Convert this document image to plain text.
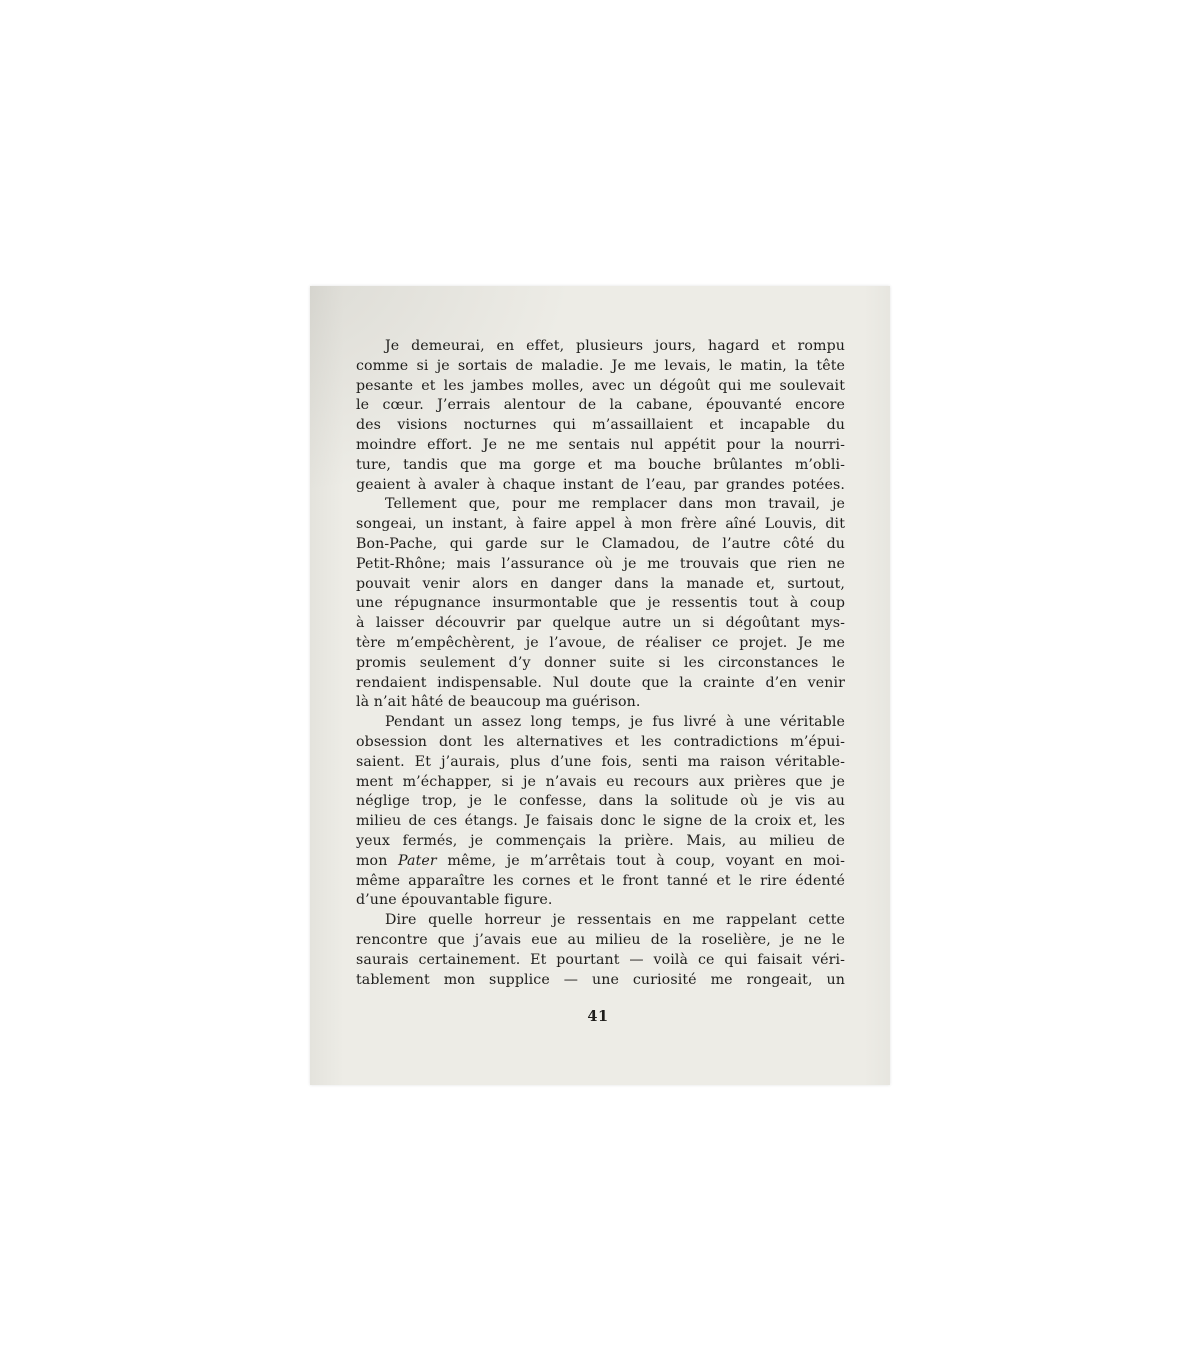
Je demeurai, en effet, plusieurs jours, hagard et rompu
comme si je sortais de maladie. Je me levais, le matin, la tête
pesante et les jambes molles, avec un dégoût qui me soulevait
le cœur. J’errais alentour de la cabane, épouvanté encore
des visions nocturnes qui m’assaillaient et incapable du
moindre effort. Je ne me sentais nul appétit pour la nourri-
ture, tandis que ma gorge et ma bouche brûlantes m’obli-
geaient à avaler à chaque instant de l’eau, par grandes potées.
Tellement que, pour me remplacer dans mon travail, je
songeai, un instant, à faire appel à mon frère aîné Louvis, dit
Bon-Pache, qui garde sur le Clamadou, de l’autre côté du
Petit-Rhône; mais l’assurance où je me trouvais que rien ne
pouvait venir alors en danger dans la manade et, surtout,
une répugnance insurmontable que je ressentis tout à coup
à laisser découvrir par quelque autre un si dégoûtant mys-
tère m’empêchèrent, je l’avoue, de réaliser ce projet. Je me
promis seulement d’y donner suite si les circonstances le
rendaient indispensable. Nul doute que la crainte d’en venir
là n’ait hâté de beaucoup ma guérison.
Pendant un assez long temps, je fus livré à une véritable
obsession dont les alternatives et les contradictions m’épui-
saient. Et j’aurais, plus d’une fois, senti ma raison véritable-
ment m’échapper, si je n’avais eu recours aux prières que je
néglige trop, je le confesse, dans la solitude où je vis au
milieu de ces étangs. Je faisais donc le signe de la croix et, les
yeux fermés, je commençais la prière. Mais, au milieu de
mon Pater même, je m’arrêtais tout à coup, voyant en moi-
même apparaître les cornes et le front tanné et le rire édenté
d’une épouvantable figure.
Dire quelle horreur je ressentais en me rappelant cette
rencontre que j’avais eue au milieu de la roselière, je ne le
saurais certainement. Et pourtant — voilà ce qui faisait véri-
tablement mon supplice — une curiosité me rongeait, un
41
